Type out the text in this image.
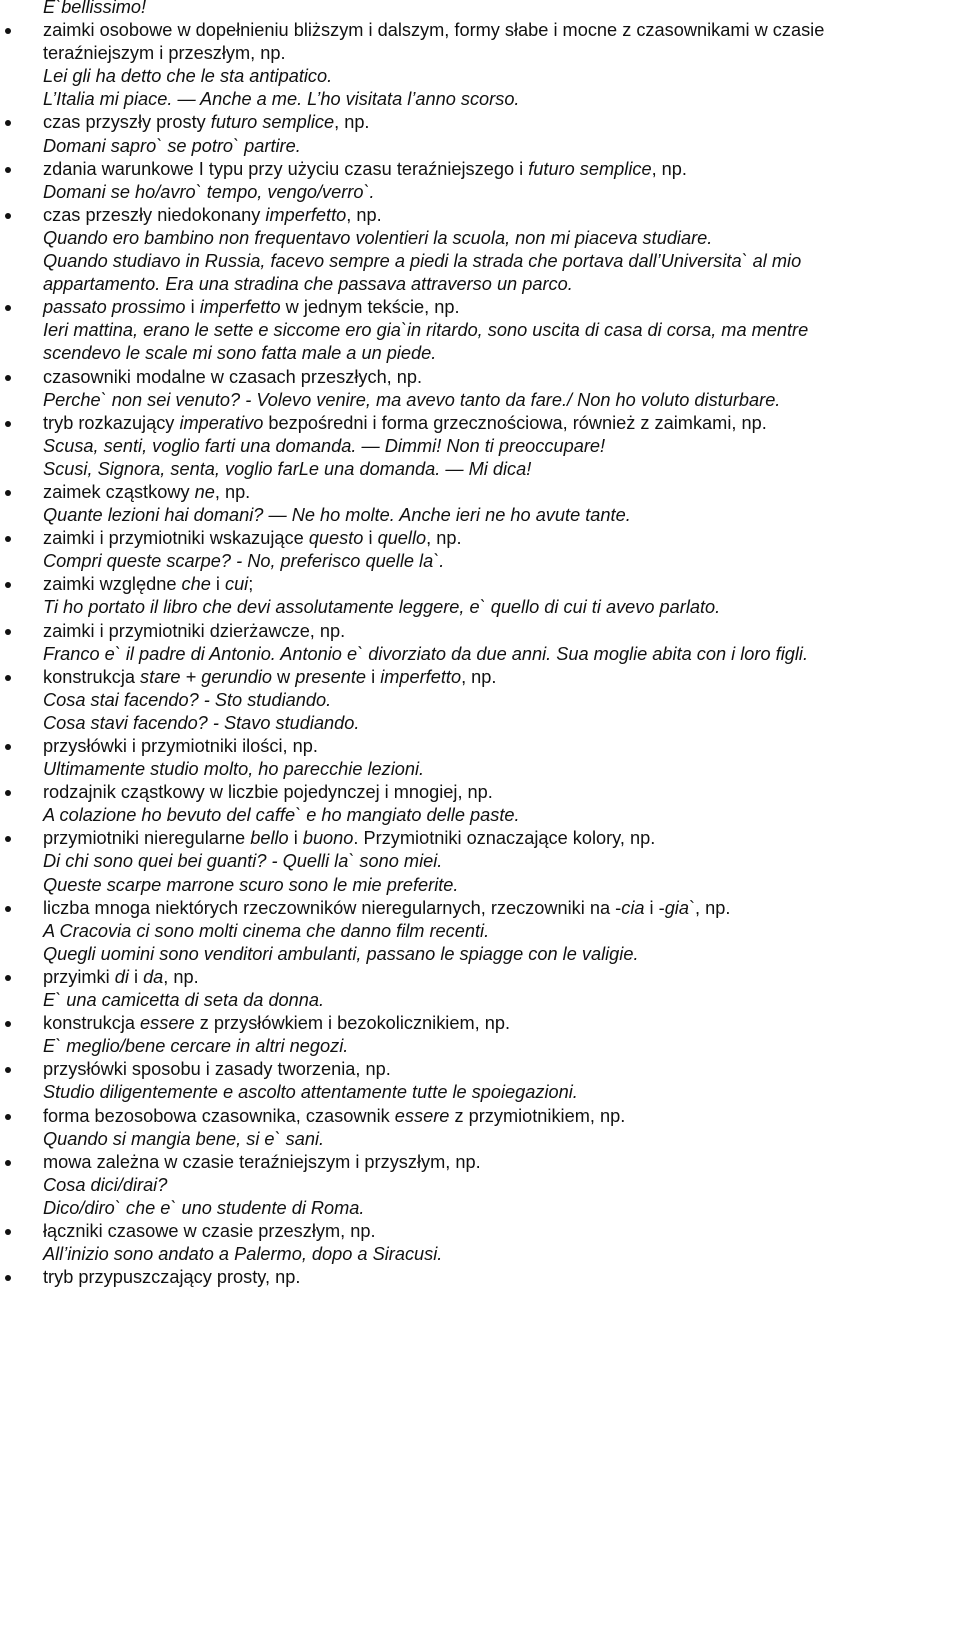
E`bellissimo!
zaimki osobowe w dopełnieniu bliższym i dalszym, formy słabe i mocne z czasownikami w czasie
teraźniejszym i przeszłym, np.
Lei gli ha detto che le sta antipatico.
L’Italia mi piace. — Anche a me. L’ho visitata l’anno scorso.
czas przyszły prosty futuro semplice, np.
Domani sapro` se potro` partire.
zdania warunkowe I typu przy użyciu czasu teraźniejszego i futuro semplice, np.
Domani se ho/avro` tempo, vengo/verro`.
czas przeszły niedokonany imperfetto, np.
Quando ero bambino non frequentavo volentieri la scuola, non mi piaceva studiare.
Quando studiavo in Russia, facevo sempre a piedi la strada che portava dall’Universita` al mio
appartamento. Era una stradina che passava attraverso un parco.
passato prossimo i imperfetto w jednym tekście, np.
Ieri mattina, erano le sette e siccome ero gia`in ritardo, sono uscita di casa di corsa, ma mentre
scendevo le scale mi sono fatta male a un piede.
czasowniki modalne w czasach przeszłych, np.
Perche` non sei venuto? - Volevo venire, ma avevo tanto da fare./ Non ho voluto disturbare.
tryb rozkazujący imperativo bezpośredni i forma grzecznościowa, również z zaimkami, np.
Scusa, senti, voglio farti una domanda. — Dimmi! Non ti preoccupare!
Scusi, Signora, senta, voglio farLe una domanda. — Mi dica!
zaimek cząstkowy ne, np.
Quante lezioni hai domani? — Ne ho molte. Anche ieri ne ho avute tante.
zaimki i przymiotniki wskazujące questo i quello, np.
Compri queste scarpe? - No, preferisco quelle la`.
zaimki względne che i cui;
Ti ho portato il libro che devi assolutamente leggere, e` quello di cui ti avevo parlato.
zaimki i przymiotniki dzierżawcze, np.
Franco e` il padre di Antonio. Antonio e` divorziato da due anni. Sua moglie abita con i loro figli.
konstrukcja stare + gerundio w presente i imperfetto, np.
Cosa stai facendo? - Sto studiando.
Cosa stavi facendo? - Stavo studiando.
przysłówki i przymiotniki ilości, np.
Ultimamente studio molto, ho parecchie lezioni.
rodzajnik cząstkowy w liczbie pojedynczej i mnogiej, np.
A colazione ho bevuto del caffe` e ho mangiato delle paste.
przymiotniki nieregularne bello i buono. Przymiotniki oznaczające kolory, np.
Di chi sono quei bei guanti? - Quelli la` sono miei.
Queste scarpe marrone scuro sono le mie preferite.
liczba mnoga niektórych rzeczowników nieregularnych, rzeczowniki na -cia i -gia`, np.
A Cracovia ci sono molti cinema che danno film recenti.
Quegli uomini sono venditori ambulanti, passano le spiagge con le valigie.
przyimki di i da, np.
E` una camicetta di seta da donna.
konstrukcja essere z przysłówkiem i bezokolicznikiem, np.
E` meglio/bene cercare in altri negozi.
przysłówki sposobu i zasady tworzenia, np.
Studio diligentemente e ascolto attentamente tutte le spoiegazioni.
forma bezosobowa czasownika, czasownik essere z przymiotnikiem, np.
Quando si mangia bene, si e` sani.
mowa zależna w czasie teraźniejszym i przyszłym, np.
Cosa dici/dirai?
Dico/diro` che e` uno studente di Roma.
łączniki czasowe w czasie przeszłym, np.
All’inizio sono andato a Palermo, dopo a Siracusi.
tryb przypuszczający prosty, np.
